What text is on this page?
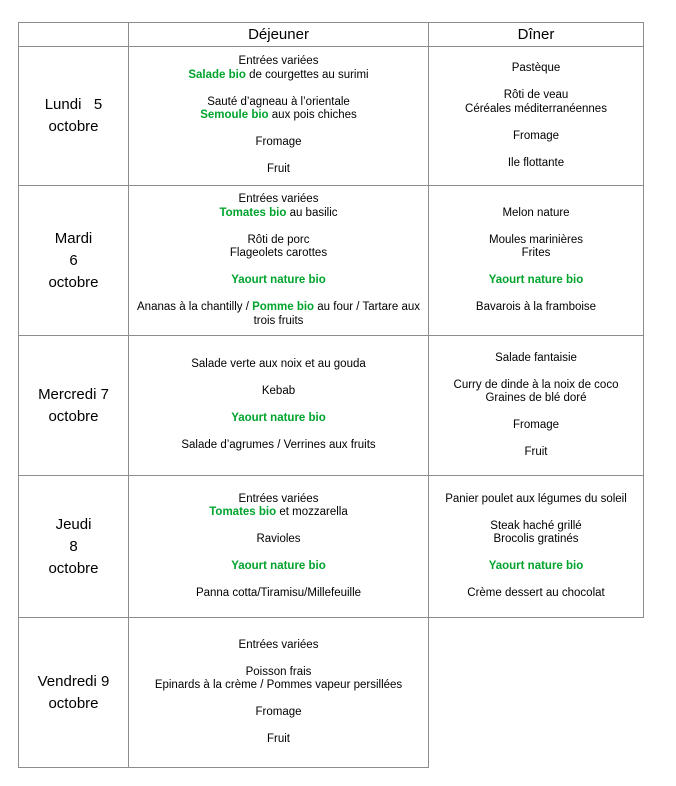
Déjeuner	Dîner
Lundi   5
octobre
Entrées variées
Salade bio de courgettes au surimi
Sauté d’agneau à l’orientale
Semoule bio aux pois chiches
Fromage
Fruit
Pastèque
Rôti de veau
Céréales méditerranéennes
Fromage
Ile flottante
Mardi
6
octobre
Entrées variées
Tomates bio au basilic
Rôti de porc
Flageolets carottes
Yaourt nature bio
Ananas à la chantilly / Pomme bio au four / Tartare aux trois fruits
Melon nature
Moules marinières
Frites
Yaourt nature bio
Bavarois à la framboise
Mercredi 7
octobre
Salade verte aux noix et au gouda
Kebab
Yaourt nature bio
Salade d’agrumes / Verrines aux fruits
Salade fantaisie
Curry de dinde à la noix de coco
Graines de blé doré
Fromage
Fruit
Jeudi
8
octobre
Entrées variées
Tomates bio et mozzarella
Ravioles
Yaourt nature bio
Panna cotta/Tiramisu/Millefeuille
Panier poulet aux légumes du soleil
Steak haché grillé
Brocolis gratinés
Yaourt nature bio
Crème dessert au chocolat
Vendredi 9
octobre
Entrées variées
Poisson frais
Epinards à la crème / Pommes vapeur persillées
Fromage
Fruit
